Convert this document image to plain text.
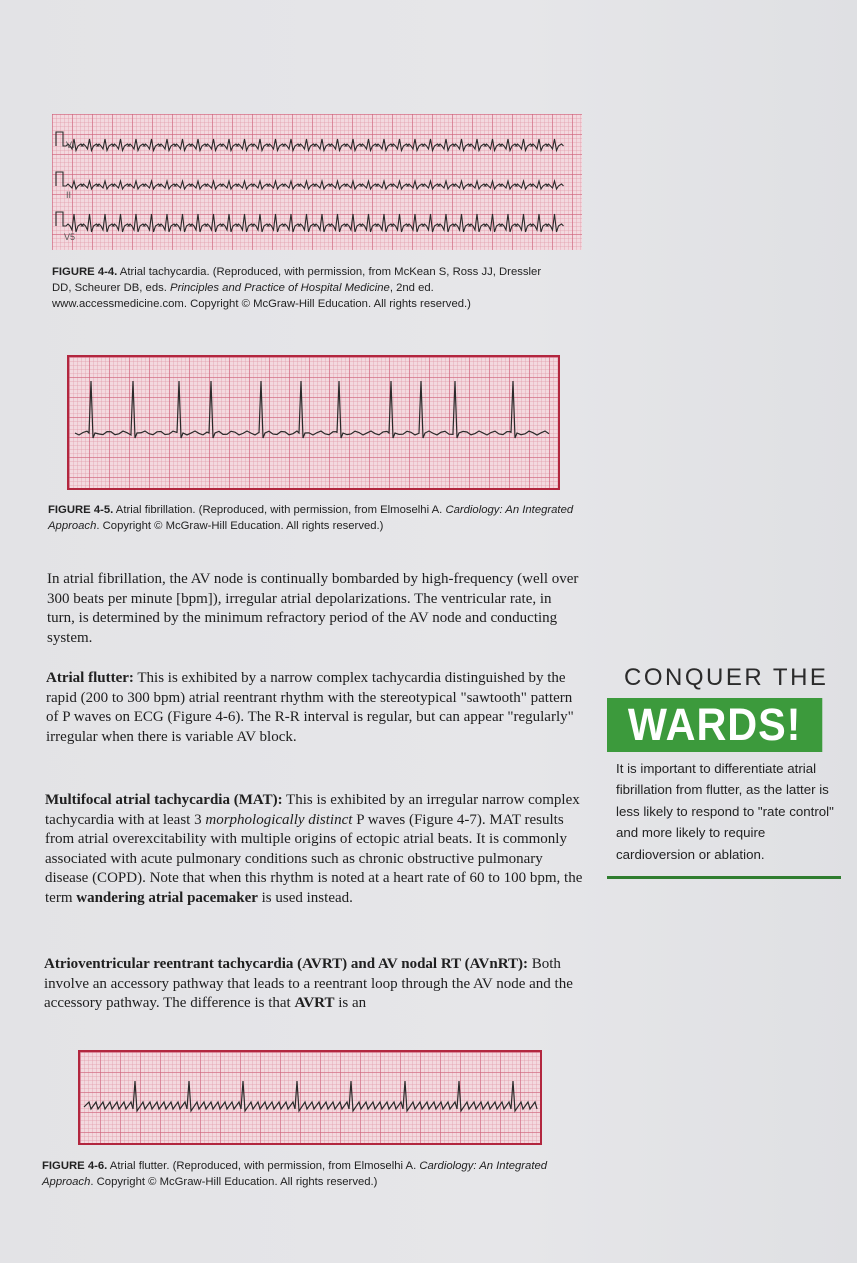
VI
II
V5
FIGURE 4-4. Atrial tachycardia. (Reproduced, with permission, from McKean S, Ross JJ, Dressler DD, Scheurer DB, eds. Principles and Practice of Hospital Medicine, 2nd ed. www.accessmedicine.com. Copyright © McGraw-Hill Education. All rights reserved.)
FIGURE 4-5. Atrial fibrillation. (Reproduced, with permission, from Elmoselhi A. Cardiology: An Integrated Approach. Copyright © McGraw-Hill Education. All rights reserved.)

In atrial fibrillation, the AV node is continually bombarded by high-frequency (well over 300 beats per minute [bpm]), irregular atrial depolarizations. The ventricular rate, in turn, is determined by the minimum refractory period of the AV node and conducting system.

Atrial flutter: This is exhibited by a narrow complex tachycardia distinguished by the rapid (200 to 300 bpm) atrial reentrant rhythm with the stereotypical "sawtooth" pattern of P waves on ECG (Figure 4-6). The R-R interval is regular, but can appear "regularly" irregular when there is variable AV block.

Multifocal atrial tachycardia (MAT): This is exhibited by an irregular narrow complex tachycardia with at least 3 morphologically distinct P waves (Figure 4-7). MAT results from atrial overexcitability with multiple origins of ectopic atrial beats. It is commonly associated with acute pulmonary conditions such as chronic obstructive pulmonary disease (COPD). Note that when this rhythm is noted at a heart rate of 60 to 100 bpm, the term wandering atrial pacemaker is used instead.

Atrioventricular reentrant tachycardia (AVRT) and AV nodal RT (AVnRT): Both involve an accessory pathway that leads to a reentrant loop through the AV node and the accessory pathway. The difference is that AVRT is an

CONQUER THE
WARDS!
It is important to differentiate atrial fibrillation from flutter, as the latter is less likely to respond to "rate control" and more likely to require cardioversion or ablation.
FIGURE 4-6. Atrial flutter. (Reproduced, with permission, from Elmoselhi A. Cardiology: An Integrated Approach. Copyright © McGraw-Hill Education. All rights reserved.)
